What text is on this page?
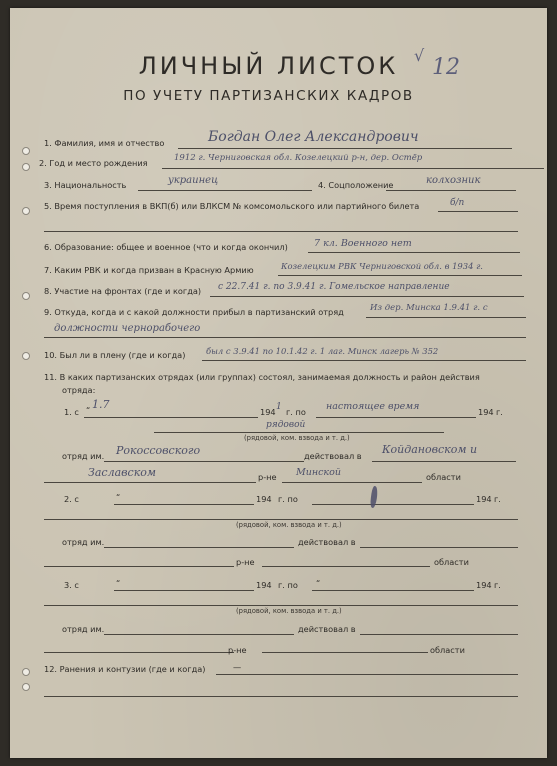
ЛИЧНЫЙ ЛИСТОК
ПО УЧЕТУ ПАРТИЗАНСКИХ КАДРОВ
√ 12
1. Фамилия, имя и отчество	Богдан Олег Александрович
2. Год и место рождения	1912 г. Черниговская обл. Козелецкий р-н, дер. Остёр
3. Национальность	украинец	4. Соцположение	колхозник
5. Время поступления в ВКП(б) или ВЛКСМ № комсомольского или партийного билета	б/п
6. Образование: общее и военное (что и когда окончил)	7 кл. Военного нет
7. Каким РВК и когда призван в Красную Армию	Козелецким РВК Черниговской обл. в 1934 г.
8. Участие на фронтах (где и когда) с 22.7.41 г. по 3.9.41 г. Гомельское направление
9. Откуда, когда и с какой должности прибыл в партизанский отряд	Из дер. Минска 1.9.41 г. с
должности чернорабочего
10. Был ли в плену (где и когда) был с 3.9.41 по 10.1.42 г. 1 лаг. Минск лагерь № 352
11. В каких партизанских отрядах (или группах) состоял, занимаемая должность и район действия
отряда:
1. с “ 1.7
194 1 г. по настоящее время	194 г.
рядовой
(рядовой, ком. взвода и т. д.)
отряд им. Рокоссовского	действовал в Койдановском и
Заславском	р-не Минской	области
2. с	“	194 г. по	194 г.
(рядовой, ком. взвода и т. д.)
отряд им.	действовал в
р-не	области
3. с	“	194 г. по “	194 г.
(рядовой, ком. взвода и т. д.)
отряд им.	действовал в
р-не	области
12. Ранения и контузии (где и когда)	—
